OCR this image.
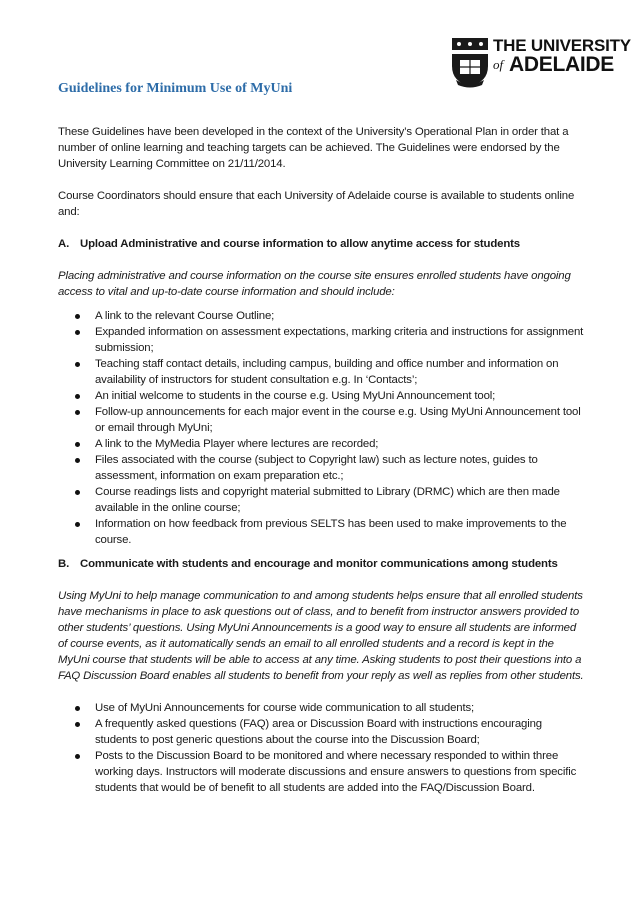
THE UNIVERSITY
of ADELAIDE
Guidelines for Minimum Use of MyUni

These Guidelines have been developed in the context of the University’s Operational Plan in order that a number of online learning and teaching targets can be achieved. The Guidelines were endorsed by the University Learning Committee on 21/11/2014.

Course Coordinators should ensure that each University of Adelaide course is available to students online and:

A. Upload Administrative and course information to allow anytime access for students

Placing administrative and course information on the course site ensures enrolled students have ongoing access to vital and up-to-date course information and should include:

A link to the relevant Course Outline;
Expanded information on assessment expectations, marking criteria and instructions for assignment submission;
Teaching staff contact details, including campus, building and office number and information on availability of instructors for student consultation e.g. In ‘Contacts’;
An initial welcome to students in the course e.g. Using MyUni Announcement tool;
Follow-up announcements for each major event in the course e.g. Using MyUni Announcement tool or email through MyUni;
A link to the MyMedia Player where lectures are recorded;
Files associated with the course (subject to Copyright law) such as lecture notes, guides to assessment, information on exam preparation etc.;
Course readings lists and copyright material submitted to Library (DRMC) which are then made available in the online course;
Information on how feedback from previous SELTS has been used to make improvements to the course.

B. Communicate with students and encourage and monitor communications among students

Using MyUni to help manage communication to and among students helps ensure that all enrolled students have mechanisms in place to ask questions out of class, and to benefit from instructor answers provided to other students’ questions. Using MyUni Announcements is a good way to ensure all students are informed of course events, as it automatically sends an email to all enrolled students and a record is kept in the MyUni course that students will be able to access at any time. Asking students to post their questions into a FAQ Discussion Board enables all students to benefit from your reply as well as replies from other students.

Use of MyUni Announcements for course wide communication to all students;
A frequently asked questions (FAQ) area or Discussion Board with instructions encouraging students to post generic questions about the course into the Discussion Board;
Posts to the Discussion Board to be monitored and where necessary responded to within three working days. Instructors will moderate discussions and ensure answers to questions from specific students that would be of benefit to all students are added into the FAQ/Discussion Board.
